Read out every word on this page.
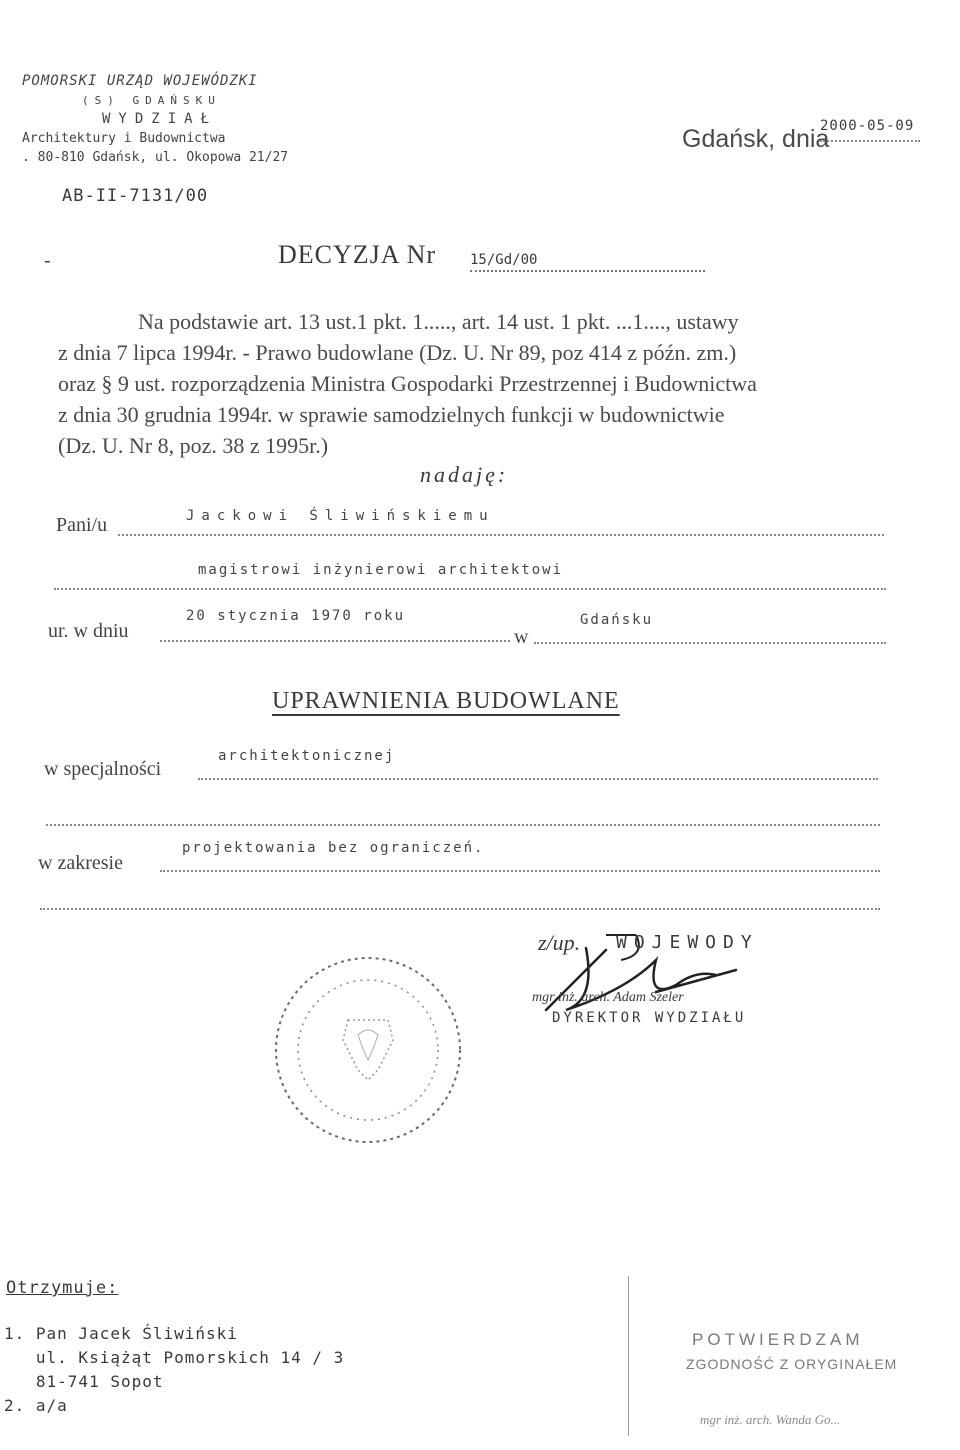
POMORSKI URZĄD WOJEWÓDZKI
(S) GDAŃSKU
WYDZIAŁ
Architektury i Budownictwa
. 80-810 Gdańsk, ul. Okopowa 21/27
AB-II-7131/00
Gdańsk, dnia
2000-05-09
-	DECYZJA Nr 15/Gd/00
Na podstawie art. 13 ust.1 pkt. 1....., art. 14 ust. 1 pkt. ...1...., ustawy
z dnia 7 lipca 1994r. - Prawo budowlane (Dz. U. Nr 89, poz 414 z późn. zm.)
oraz § 9 ust. rozporządzenia Ministra Gospodarki Przestrzennej i Budownictwa
z dnia 30 grudnia 1994r. w sprawie samodzielnych funkcji w budownictwie
(Dz. U. Nr 8, poz. 38 z 1995r.)
nadaję:
Pani/u	Jackowi Śliwińskiemu
magistrowi inżynierowi architektowi
ur. w dniu
20 stycznia 1970 roku
w
Gdańsku
UPRAWNIENIA BUDOWLANE
w specjalności
architektonicznej
w zakresie
projektowania bez ograniczeń.
z/up. WOJEWODY
mgr inż. arch. Adam Szeler
DYREKTOR WYDZIAŁU
Otrzymuje:
1. Pan Jacek Śliwiński
ul. Książąt Pomorskich 14 / 3
81-741 Sopot
2. a/a
POTWIERDZAM
ZGODNOŚĆ Z ORYGINAŁEM
mgr inż. arch. Wanda Go...
